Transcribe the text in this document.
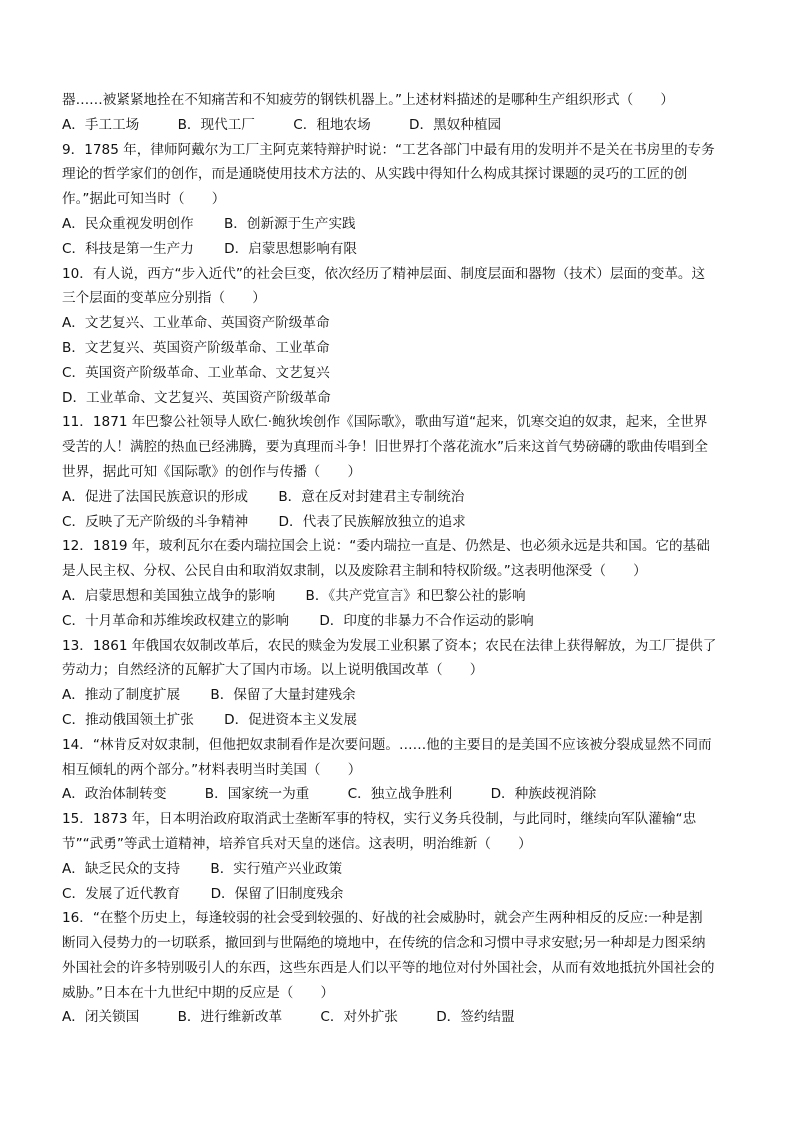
器……被紧紧地拴在不知痛苦和不知疲劳的钢铁机器上。”上述材料描述的是哪种生产组织形式（　　）
A．手工工场	B．现代工厂	C．租地农场	D．黑奴种植园
9．1785 年，律师阿戴尔为工厂主阿克莱特辩护时说：“工艺各部门中最有用的发明并不是关在书房里的专务
理论的哲学家们的创作，而是通晓使用技术方法的、从实践中得知什么构成其探讨课题的灵巧的工匠的创
作。”据此可知当时（　　）
A．民众重视发明创作 B．创新源于生产实践
C．科技是第一生产力 D．启蒙思想影响有限
10．有人说，西方“步入近代”的社会巨变，依次经历了精神层面、制度层面和器物（技术）层面的变革。这
三个层面的变革应分别指（　　）
A．文艺复兴、工业革命、英国资产阶级革命
B．文艺复兴、英国资产阶级革命、工业革命
C．英国资产阶级革命、工业革命、文艺复兴
D．工业革命、文艺复兴、英国资产阶级革命
11．1871 年巴黎公社领导人欧仁·鲍狄埃创作《国际歌》，歌曲写道“起来，饥寒交迫的奴隶，起来，全世界
受苦的人！满腔的热血已经沸腾，要为真理而斗争！旧世界打个落花流水”后来这首气势磅礴的歌曲传唱到全
世界，据此可知《国际歌》的创作与传播（　　）
A．促进了法国民族意识的形成 B．意在反对封建君主专制统治
C．反映了无产阶级的斗争精神 D．代表了民族解放独立的追求
12．1819 年，玻利瓦尔在委内瑞拉国会上说：“委内瑞拉一直是、仍然是、也必须永远是共和国。它的基础
是人民主权、分权、公民自由和取消奴隶制，以及废除君主制和特权阶级。”这表明他深受（　　）
A．启蒙思想和美国独立战争的影响 B．《共产党宣言》和巴黎公社的影响
C．十月革命和苏维埃政权建立的影响 D．印度的非暴力不合作运动的影响
13．1861 年俄国农奴制改革后，农民的赎金为发展工业积累了资本；农民在法律上获得解放，为工厂提供了
劳动力；自然经济的瓦解扩大了国内市场。以上说明俄国改革（　　）
A．推动了制度扩展 B．保留了大量封建残余
C．推动俄国领土扩张 D．促进资本主义发展
14．“林肯反对奴隶制，但他把奴隶制看作是次要问题。……他的主要目的是美国不应该被分裂成显然不同而
相互倾轧的两个部分。”材料表明当时美国（　　）
A．政治体制转变	B．国家统一为重	C．独立战争胜利	D．种族歧视消除
15．1873 年，日本明治政府取消武士垄断军事的特权，实行义务兵役制，与此同时，继续向军队灌输“忠
节”“武勇”等武士道精神，培养官兵对天皇的迷信。这表明，明治维新（　　）
A．缺乏民众的支持 B．实行殖产兴业政策
C．发展了近代教育 D．保留了旧制度残余
16．“在整个历史上，每逢较弱的社会受到较强的、好战的社会威胁时，就会产生两种相反的反应:一种是割
断同入侵势力的一切联系，撤回到与世隔绝的境地中，在传统的信念和习惯中寻求安慰;另一种却是力图采纳
外国社会的许多特别吸引人的东西，这些东西是人们以平等的地位对付外国社会，从而有效地抵抗外国社会的
威胁。”日本在十九世纪中期的反应是（　　）
A．闭关锁国	B．进行维新改革	C．对外扩张	D．签约结盟
